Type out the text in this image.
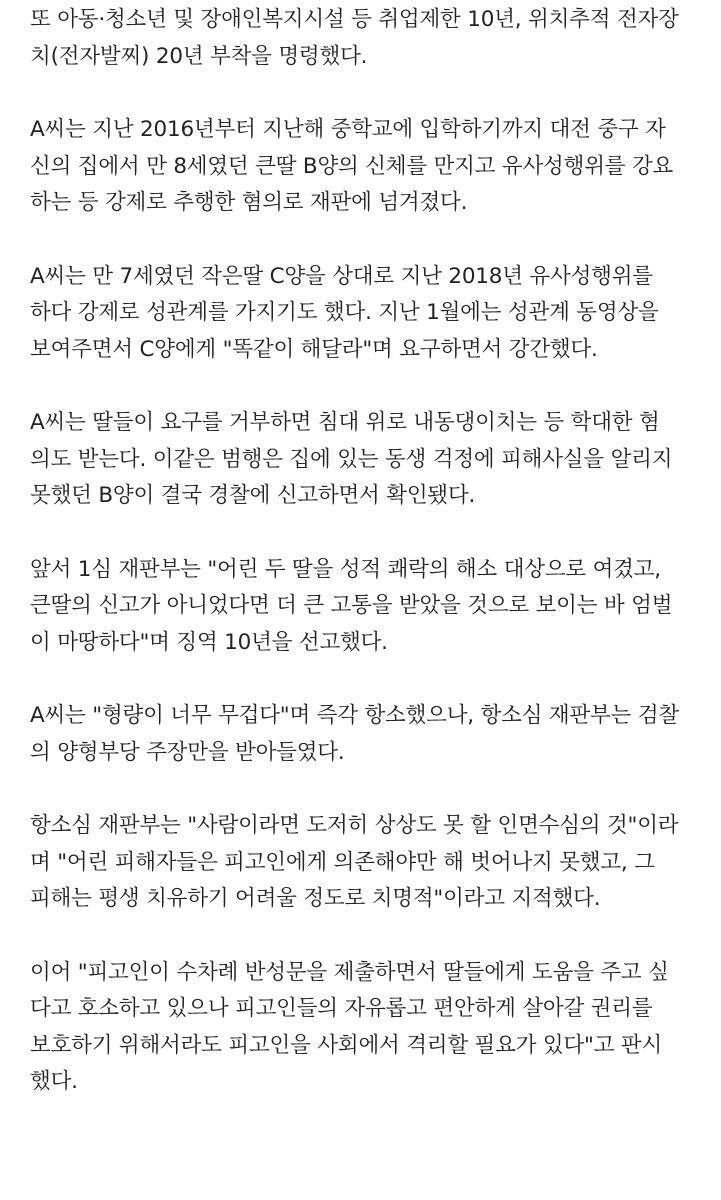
또 아동·청소년 및 장애인복지시설 등 취업제한 10년, 위치추적 전자장
치(전자발찌) 20년 부착을 명령했다.

A씨는 지난 2016년부터 지난해 중학교에 입학하기까지 대전 중구 자
신의 집에서 만 8세였던 큰딸 B양의 신체를 만지고 유사성행위를 강요
하는 등 강제로 추행한 혐의로 재판에 넘겨졌다.

A씨는 만 7세였던 작은딸 C양을 상대로 지난 2018년 유사성행위를
하다 강제로 성관계를 가지기도 했다. 지난 1월에는 성관계 동영상을
보여주면서 C양에게 "똑같이 해달라"며 요구하면서 강간했다.

A씨는 딸들이 요구를 거부하면 침대 위로 내동댕이치는 등 학대한 혐
의도 받는다. 이같은 범행은 집에 있는 동생 걱정에 피해사실을 알리지
못했던 B양이 결국 경찰에 신고하면서 확인됐다.

앞서 1심 재판부는 "어린 두 딸을 성적 쾌락의 해소 대상으로 여겼고,
큰딸의 신고가 아니었다면 더 큰 고통을 받았을 것으로 보이는 바 엄벌
이 마땅하다"며 징역 10년을 선고했다.

A씨는 "형량이 너무 무겁다"며 즉각 항소했으나, 항소심 재판부는 검찰
의 양형부당 주장만을 받아들였다.

항소심 재판부는 "사람이라면 도저히 상상도 못 할 인면수심의 것"이라
며 "어린 피해자들은 피고인에게 의존해야만 해 벗어나지 못했고, 그
피해는 평생 치유하기 어려울 정도로 치명적"이라고 지적했다.

이어 "피고인이 수차례 반성문을 제출하면서 딸들에게 도움을 주고 싶
다고 호소하고 있으나 피고인들의 자유롭고 편안하게 살아갈 권리를
보호하기 위해서라도 피고인을 사회에서 격리할 필요가 있다"고 판시
했다.
